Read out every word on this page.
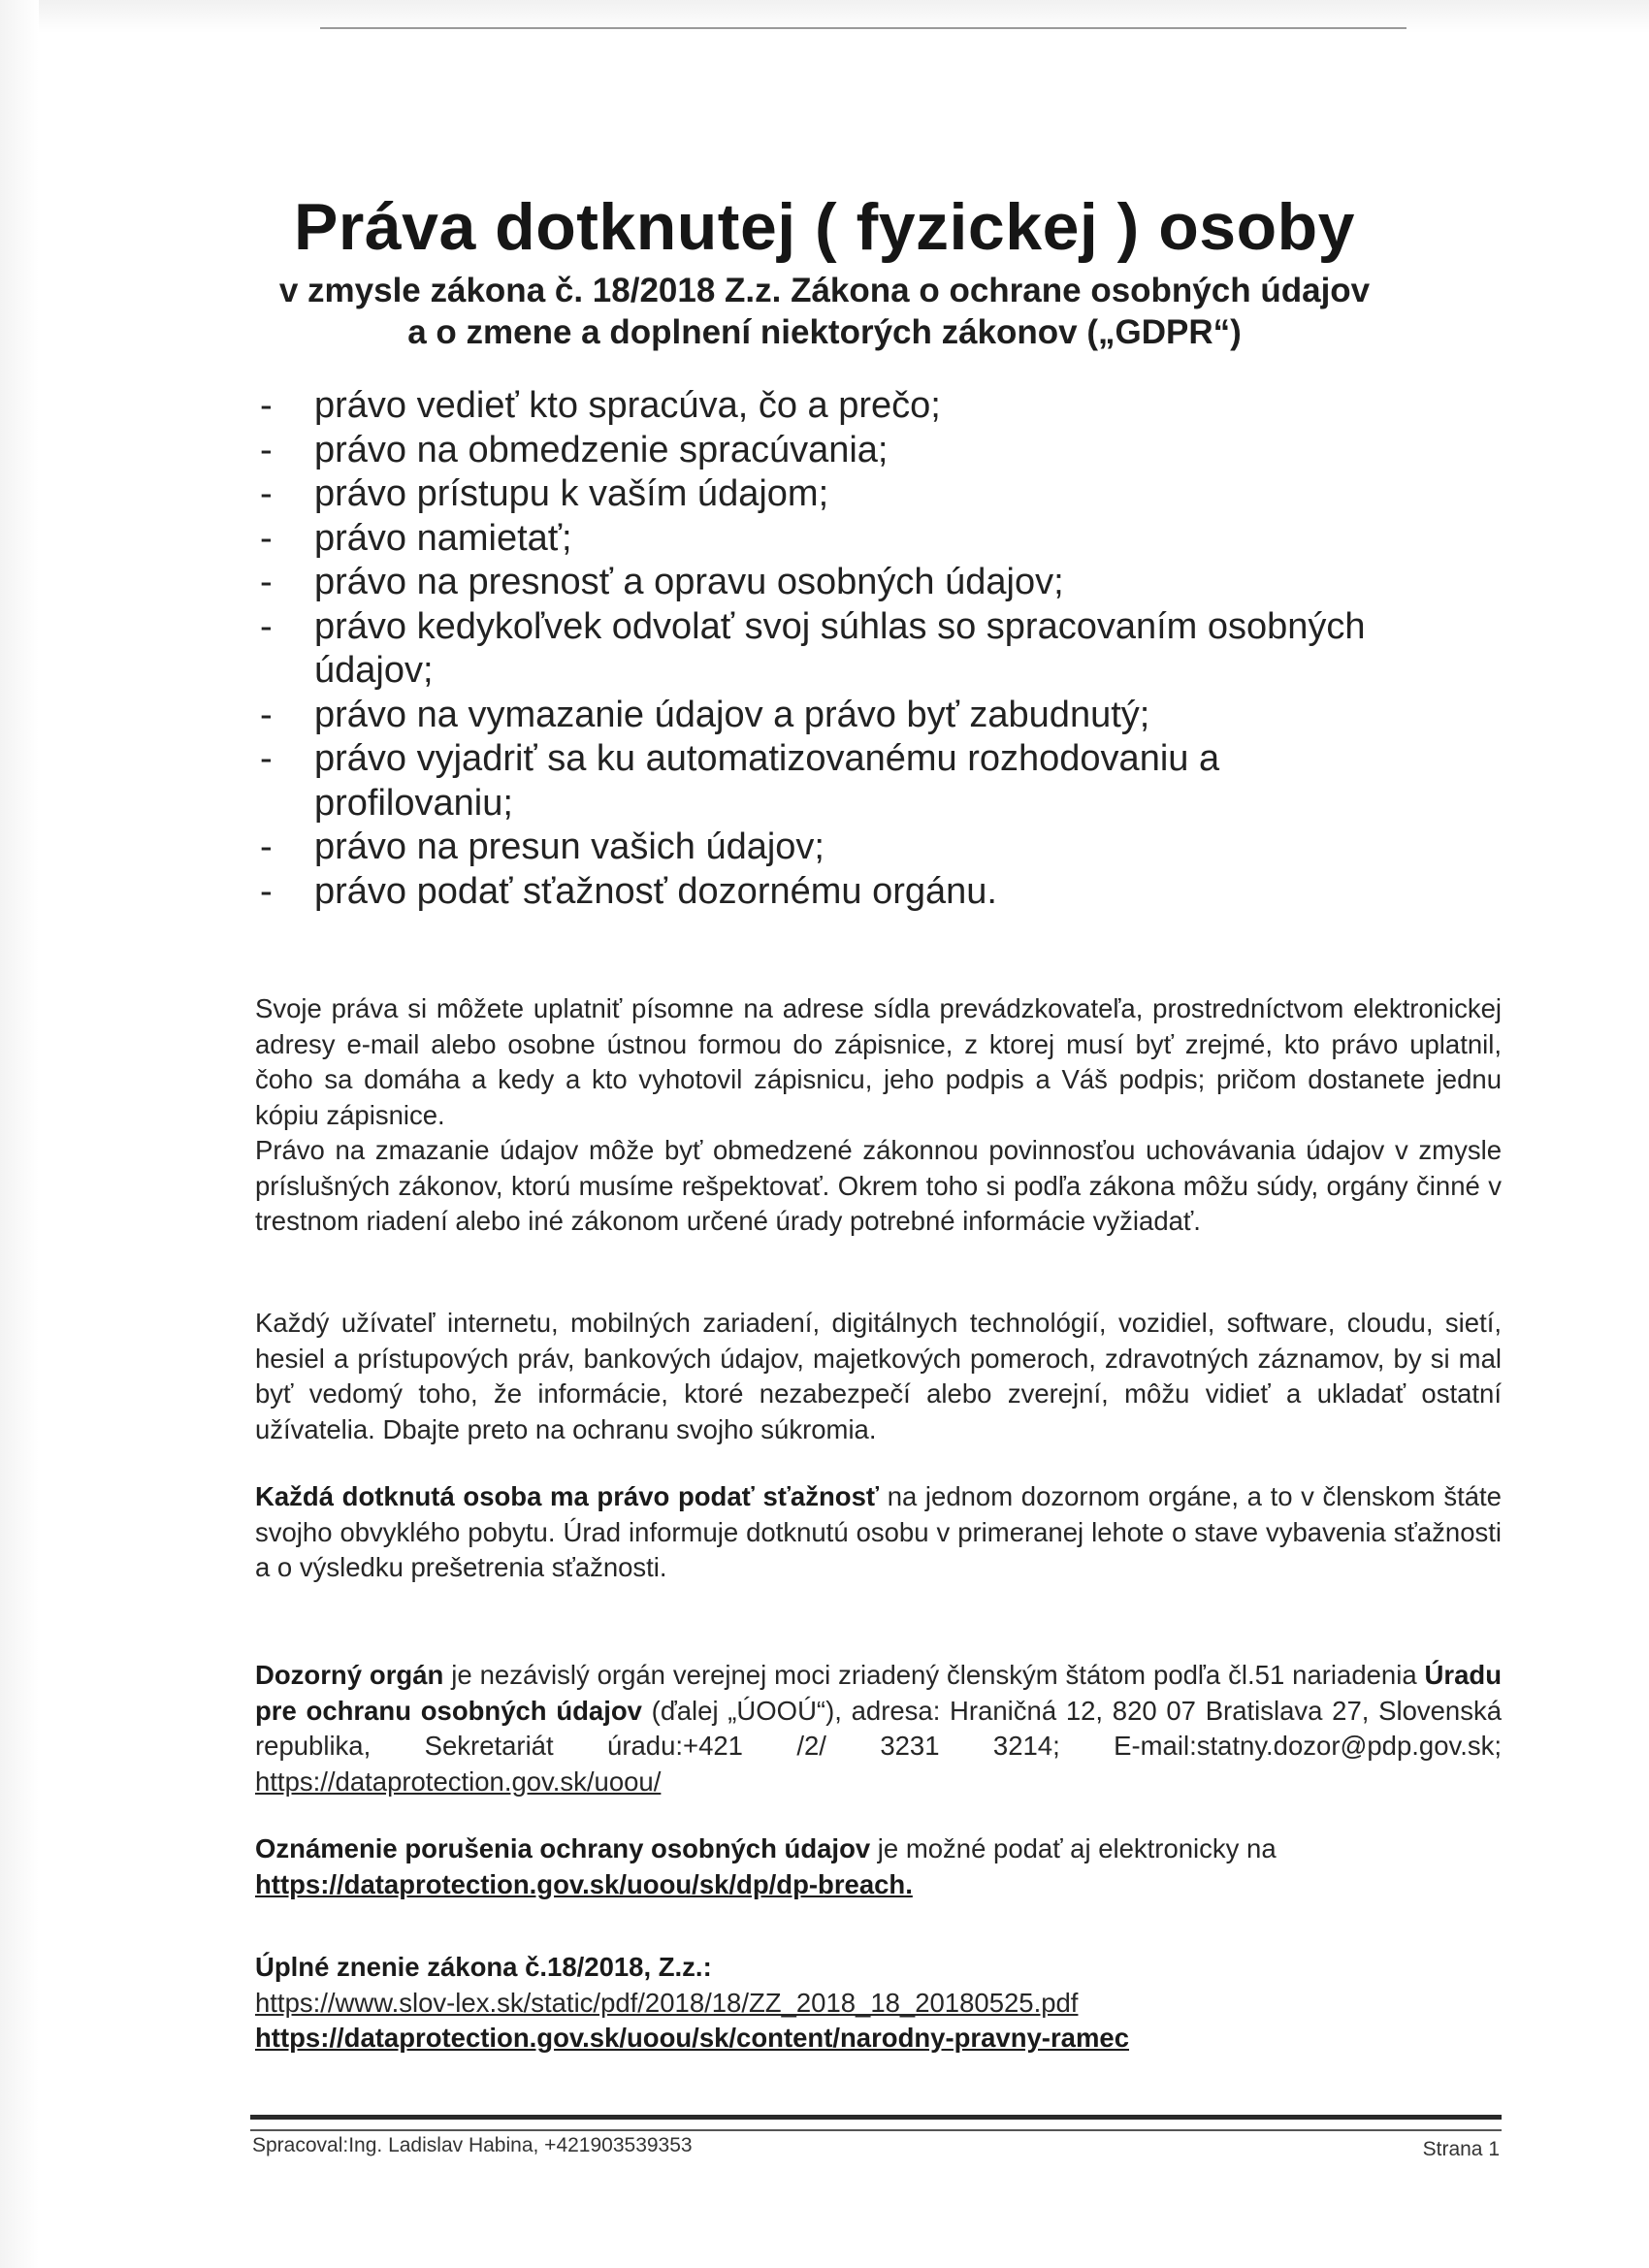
Práva dotknutej ( fyzickej ) osoby
v zmysle zákona č. 18/2018 Z.z. Zákona o ochrane osobných údajov
a o zmene a doplnení niektorých zákonov („GDPR“)
- právo vedieť kto spracúva, čo a prečo;
- právo na obmedzenie spracúvania;
- právo prístupu k vaším údajom;
- právo namietať;
- právo na presnosť a opravu osobných údajov;
- právo kedykoľvek odvolať svoj súhlas so spracovaním osobných údajov;
- právo na vymazanie údajov a právo byť zabudnutý;
- právo vyjadriť sa ku automatizovanému rozhodovaniu a profilovaniu;
- právo na presun vašich údajov;
- právo podať sťažnosť dozornému orgánu.

Svoje práva si môžete uplatniť písomne na adrese sídla prevádzkovateľa, prostredníctvom elektronickej adresy e-mail alebo osobne ústnou formou do zápisnice, z ktorej musí byť zrejmé, kto právo uplatnil, čoho sa domáha a kedy a kto vyhotovil zápisnicu, jeho podpis a Váš podpis; pričom dostanete jednu kópiu zápisnice.
Právo na zmazanie údajov môže byť obmedzené zákonnou povinnosťou uchovávania údajov v zmysle príslušných zákonov, ktorú musíme rešpektovať. Okrem toho si podľa zákona môžu súdy, orgány činné v trestnom riadení alebo iné zákonom určené úrady potrebné informácie vyžiadať.

Každý užívateľ internetu, mobilných zariadení, digitálnych technológií, vozidiel, software, cloudu, sietí, hesiel a prístupových práv, bankových údajov, majetkových pomeroch, zdravotných záznamov, by si mal byť vedomý toho, že informácie, ktoré nezabezpečí alebo zverejní, môžu vidieť a ukladať ostatní užívatelia. Dbajte preto na ochranu svojho súkromia.

Každá dotknutá osoba ma právo podať sťažnosť na jednom dozornom orgáne, a to v členskom štáte svojho obvyklého pobytu. Úrad informuje dotknutú osobu v primeranej lehote o stave vybavenia sťažnosti a o výsledku prešetrenia sťažnosti.

Dozorný orgán je nezávislý orgán verejnej moci zriadený členským štátom podľa čl.51 nariadenia Úradu pre ochranu osobných údajov (ďalej „ÚOOÚ“), adresa: Hraničná 12, 820 07 Bratislava 27, Slovenská republika, Sekretariát úradu:+421 /2/ 3231 3214; E-mail:statny.dozor@pdp.gov.sk; https://dataprotection.gov.sk/uoou/

Oznámenie porušenia ochrany osobných údajov je možné podať aj elektronicky na
https://dataprotection.gov.sk/uoou/sk/dp/dp-breach.

Úplné znenie zákona č.18/2018, Z.z.:
https://www.slov-lex.sk/static/pdf/2018/18/ZZ_2018_18_20180525.pdf
https://dataprotection.gov.sk/uoou/sk/content/narodny-pravny-ramec

Spracoval:Ing. Ladislav Habina, +421903539353	Strana 1
